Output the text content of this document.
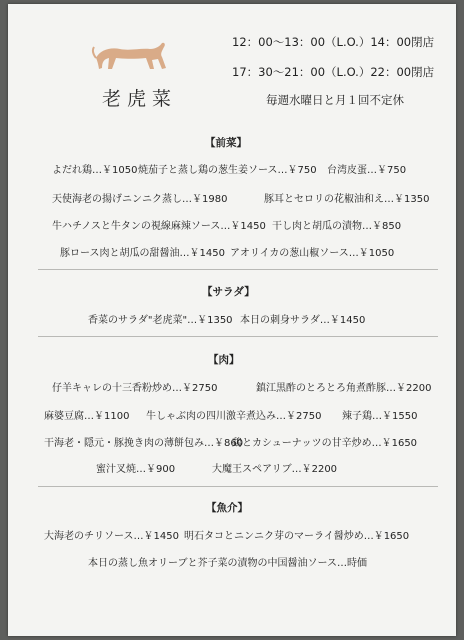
老虎菜
12：00〜13：00（L.O.）14：00閉店
17：30〜21：00（L.O.）22：00閉店
毎週水曜日と月１回不定休
【前菜】
よだれ鶏…￥1050 焼茄子と蒸し鶏の葱生姜ソース…￥750 台湾皮蛋…￥750
天使海老の揚げニンニク蒸し…￥1980	豚耳とセロリの花椒油和え…￥1350
牛ハチノスと牛タンの視線麻辣ソース…￥1450 干し肉と胡瓜の漬物…￥850
豚ロース肉と胡瓜の甜醤油…￥1450 アオリイカの葱山椒ソース…￥1050
【サラダ】
香菜のサラダ"老虎菜"…￥1350 本日の刺身サラダ…￥1450
【肉】
仔羊キャレの十三香粉炒め…￥2750	鎮江黒酢のとろとろ角煮酢豚…￥2200
麻婆豆腐…￥1100 牛しゃぶ肉の四川激辛煮込み…￥2750 辣子鶏…￥1550
干海老・隠元・豚挽き肉の薄餅包み…￥860
鶏とカシューナッツの甘辛炒め…￥1650
蜜汁叉焼…￥900	大魔王スペアリブ…￥2200
【魚介】
大海老のチリソース…￥1450 明石タコとニンニク芽のマーライ醤炒め…￥1650
本日の蒸し魚オリーブと芥子菜の漬物の中国醤油ソース…時価
